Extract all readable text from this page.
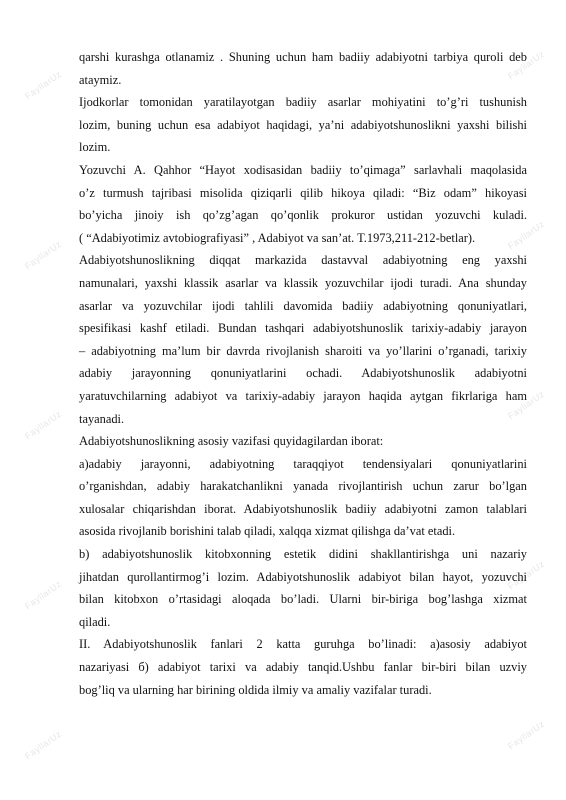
FayllarUz
FayllarUz
FayllarUz
FayllarUz
FayllarUz
FayllarUz
FayllarUz
FayllarUz
FayllarUz
FayllarUz
qarshi kurashga otlanamiz . Shuning uchun ham badiiy adabiyotni tarbiya quroli deb
ataymiz.
Ijodkorlar tomonidan yaratilayotgan badiiy asarlar mohiyatini to’g’ri tushunish
lozim, buning uchun esa adabiyot haqidagi, ya’ni adabiyotshunoslikni yaxshi bilishi
lozim.
Yozuvchi A. Qahhor “Hayot xodisasidan badiiy to’qimaga” sarlavhali maqolasida
o’z turmush tajribasi misolida qiziqarli qilib hikoya qiladi: “Biz odam” hikoyasi
bo’yicha jinoiy ish qo’zg’agan qo’qonlik prokuror ustidan yozuvchi kuladi.
( “Adabiyotimiz avtobiografiyasi” , Adabiyot va san’at. T.1973,211-212-betlar).
Adabiyotshunoslikning diqqat markazida dastavval adabiyotning eng yaxshi
namunalari, yaxshi klassik asarlar va klassik yozuvchilar ijodi turadi. Ana shunday
asarlar va yozuvchilar ijodi tahlili davomida badiiy adabiyotning qonuniyatlari,
spesifikasi kashf etiladi. Bundan tashqari adabiyotshunoslik tarixiy-adabiy jarayon
– adabiyotning ma’lum bir davrda rivojlanish sharoiti va yo’llarini o’rganadi, tarixiy
adabiy jarayonning qonuniyatlarini ochadi. Adabiyotshunoslik adabiyotni
yaratuvchilarning adabiyot va tarixiy-adabiy jarayon haqida aytgan fikrlariga ham
tayanadi.
Adabiyotshunoslikning asosiy vazifasi quyidagilardan iborat:
a)adabiy jarayonni, adabiyotning taraqqiyot tendensiyalari qonuniyatlarini
o’rganishdan, adabiy harakatchanlikni yanada rivojlantirish uchun zarur bo’lgan
xulosalar chiqarishdan iborat. Adabiyotshunoslik badiiy adabiyotni zamon talablari
asosida rivojlanib borishini talab qiladi, xalqqa xizmat qilishga da’vat etadi.
b) adabiyotshunoslik kitobxonning estetik didini shakllantirishga uni nazariy
jihatdan qurollantirmog’i lozim. Adabiyotshunoslik adabiyot bilan hayot, yozuvchi
bilan kitobxon o’rtasidagi aloqada bo’ladi. Ularni bir-biriga bog’lashga xizmat
qiladi.
II. Adabiyotshunoslik fanlari 2 katta guruhga bo’linadi: a)asosiy adabiyot
nazariyasi б) adabiyot tarixi va adabiy tanqid.Ushbu fanlar bir-biri bilan uzviy
bog’liq va ularning har birining oldida ilmiy va amaliy vazifalar turadi.
